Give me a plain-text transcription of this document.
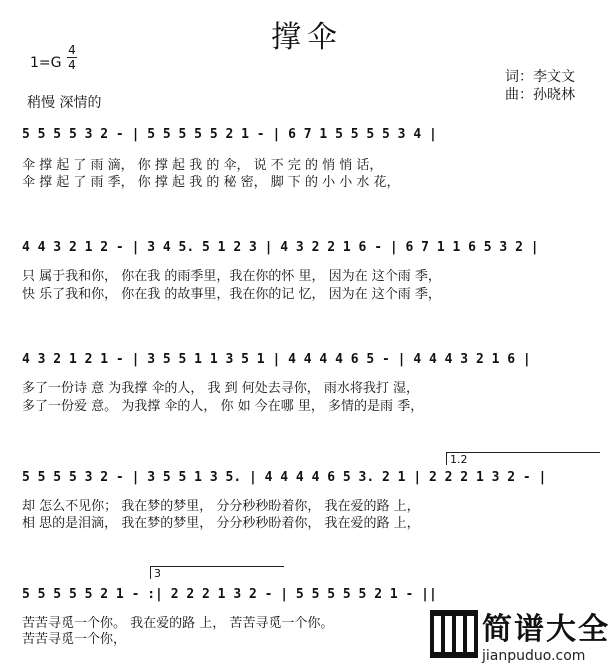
撑伞
1=G
4
4
稍慢 深情的
词：李文文
曲：孙晓林
5 5 5 5 3 2 - | 5 5 5 5 5 2 1 - | 6 7 1 5 5 5 5 3 4 |
伞 撑 起 了 雨 滴， 你 撑 起 我 的 伞， 说 不 完 的 悄 悄 话，
伞 撑 起 了 雨 季， 你 撑 起 我 的 秘 密， 脚 下 的 小 小 水 花，
4 4 3 2 1 2 - | 3 4 5. 5 1 2 3 | 4 3 2 2 1 6 - | 6 7 1 1 6 5 3 2 |
只 属于我和你， 你在我 的雨季里，我在你的怀 里， 因为在 这个雨 季，
快 乐了我和你， 你在我 的故事里，我在你的记 忆， 因为在 这个雨 季，
4 3 2 1 2 1 - | 3 5 5 1 1 3 5 1 | 4 4 4 4 6 5 - | 4 4 4 3 2 1 6 |
多了一份诗 意 为我撑 伞的人， 我 到 何处去寻你， 雨水将我打 湿，
多了一份爱 意。 为我撑 伞的人， 你 如 今在哪 里， 多情的是雨 季，
1.2
5 5 5 5 3 2 - | 3 5 5 1 3 5. | 4 4 4 4 6 5 3. 2 1 | 2 2 2 1 3 2 - |
却 怎么不见你； 我在梦的梦里， 分分秒秒盼着你， 我在爱的路 上，
相 思的是泪滴， 我在梦的梦里， 分分秒秒盼着你， 我在爱的路 上，
3
5 5 5 5 5 2 1 - :| 2 2 2 1 3 2 - | 5 5 5 5 5 2 1 - ||
苦苦寻觅一个你。 我在爱的路 上， 苦苦寻觅一个你。
苦苦寻觅一个你，	简谱大全
jianpuduo.com
